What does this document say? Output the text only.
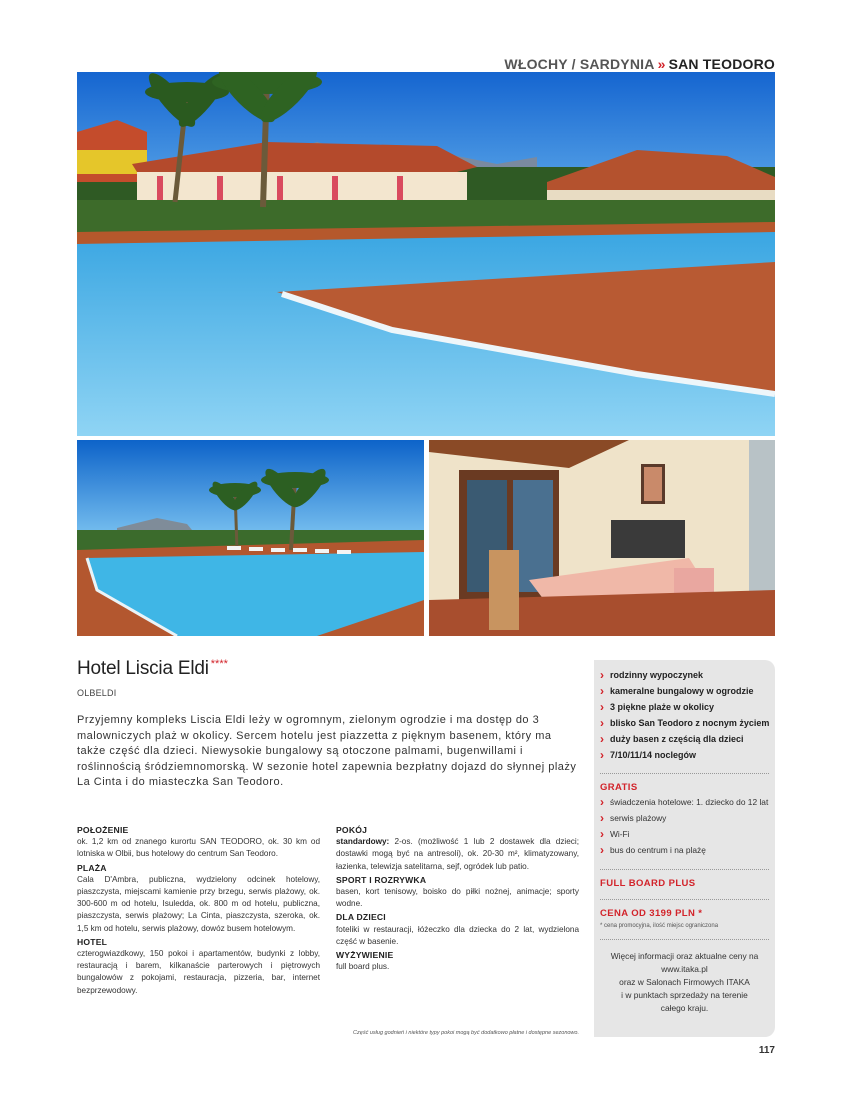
WŁOCHY / SARDYNIA » SAN TEODORO
Hotel Liscia Eldi ****
OLBELDI
Przyjemny kompleks Liscia Eldi leży w ogromnym, zielonym ogrodzie i ma dostęp do 3 malowniczych plaż w okolicy. Sercem hotelu jest piazzetta z pięknym basenem, który ma także część dla dzieci. Niewysokie bungalowy są otoczone palmami, bugenwillami i roślinnością śródziemnomorską. W sezonie hotel zapewnia bezpłatny dojazd do słynnej plaży La Cinta i do miasteczka San Teodoro.
POŁOŻENIE

ok. 1,2 km od znanego kurortu SAN TEODORO, ok. 30 km od lotniska w Olbii, bus hotelowy do centrum San Teodoro.

PLAŻA

Cala D'Ambra, publiczna, wydzielony odcinek hotelowy, piaszczysta, miejscami kamienie przy brzegu, serwis plażowy, ok. 300-600 m od hotelu, Isuledda, ok. 800 m od hotelu, publiczna, piaszczysta, serwis plażowy; La Cinta, piaszczysta, szeroka, ok. 1,5 km od hotelu, serwis plażowy, dowóz busem hotelowym.

HOTEL

czterogwiazdkowy, 150 pokoi i apartamentów, budynki z lobby, restauracją i barem, kilkanaście parterowych i piętrowych bungalowów z pokojami, restauracja, pizzeria, bar, internet bezprzewodowy.

POKÓJ

standardowy: 2-os. (możliwość 1 lub 2 dostawek dla dzieci; dostawki mogą być na antresoli), ok. 20-30 m², klimatyzowany, łazienka, telewizja satelitarna, sejf, ogródek lub patio.

SPORT I ROZRYWKA

basen, kort tenisowy, boisko do piłki nożnej, animacje; sporty wodne.

DLA DZIECI

foteliki w restauracji, łóżeczko dla dziecka do 2 lat, wydzielona część w basenie.

WYŻYWIENIE

full board plus.

Część usług godnień i niektóre typy pokoi mogą być dodatkowo płatne i dostępne sezonowo.
› rodzinny wypoczynek
› kameralne bungalowy w ogrodzie
› 3 piękne plaże w okolicy
› blisko San Teodoro z nocnym życiem
› duży basen z częścią dla dzieci
› 7/10/11/14 noclegów
GRATIS
› świadczenia hotelowe: 1. dziecko do 12 lat
› serwis plażowy
› Wi-Fi
› bus do centrum i na plażę
FULL BOARD PLUS
CENA OD 3199 PLN *
* cena promocyjna, ilość miejsc ograniczona
Więcej informacji oraz aktualne ceny na
www.itaka.pl
oraz w Salonach Firmowych ITAKA
i w punktach sprzedaży na terenie
całego kraju.
117
